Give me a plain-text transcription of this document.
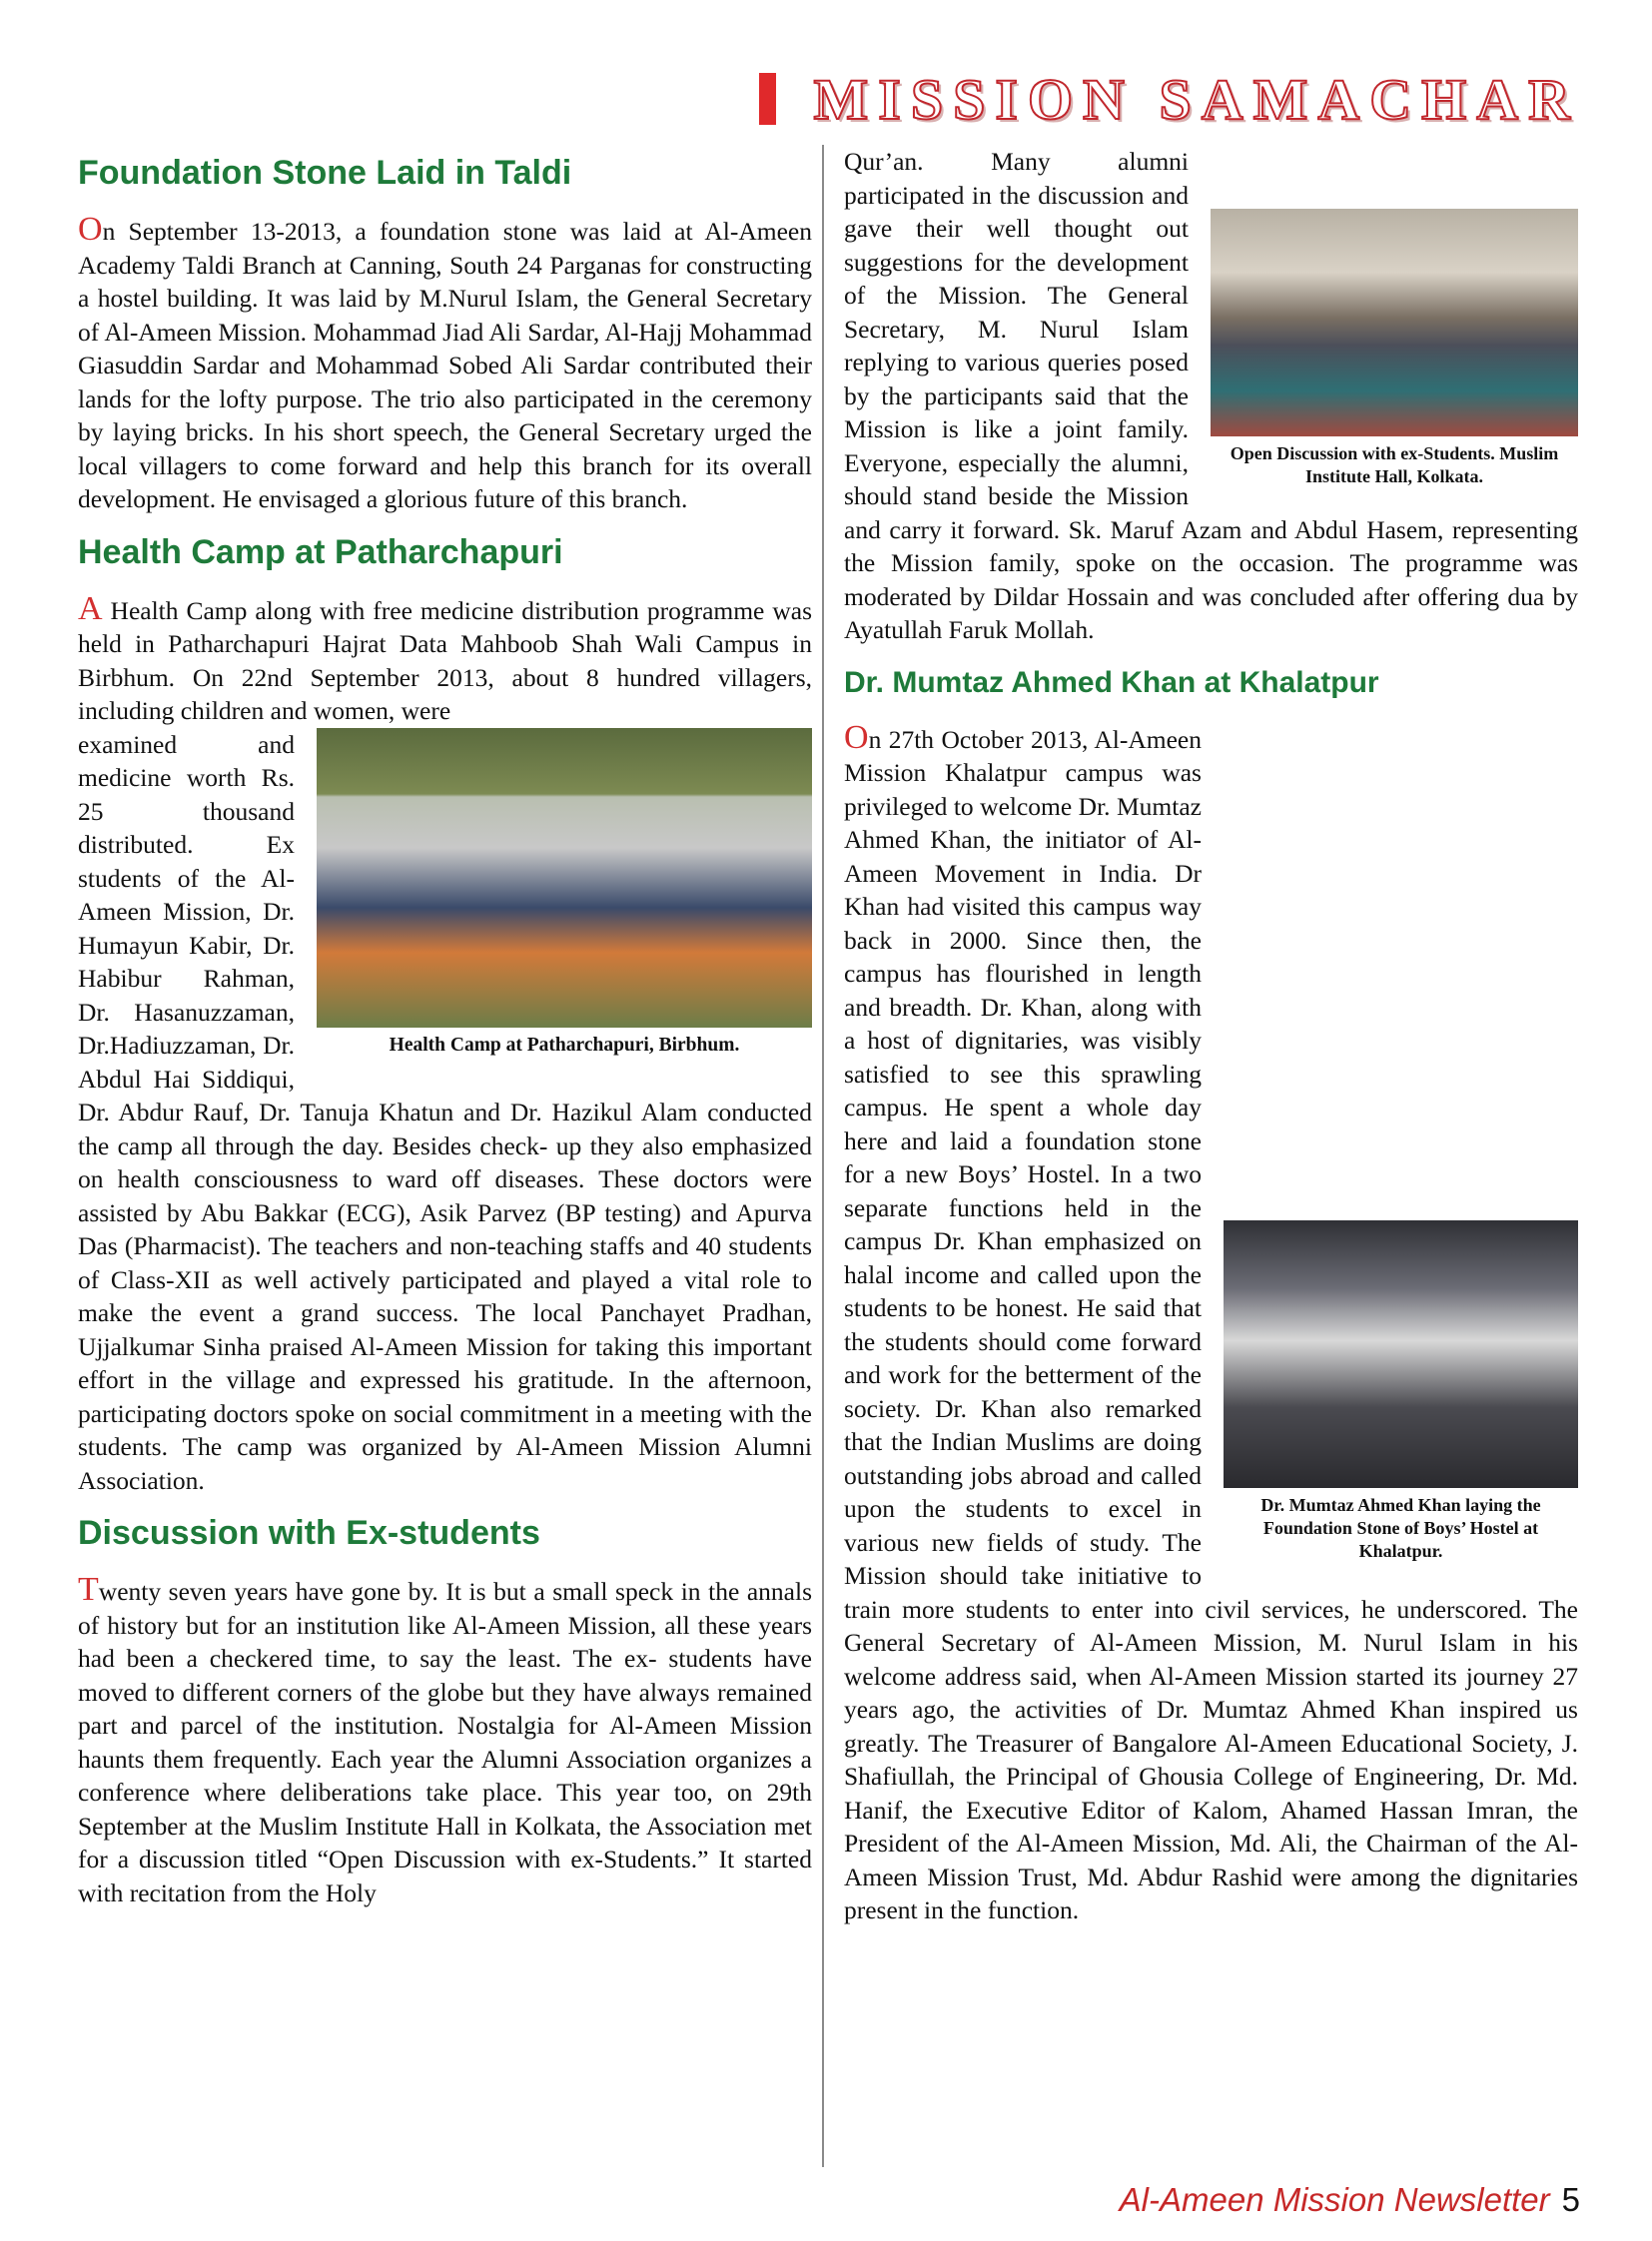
MISSION SAMACHAR
Foundation Stone Laid in Taldi

On September 13-2013, a foundation stone was laid at Al-Ameen Academy Taldi Branch at Canning, South 24 Parganas for constructing a hostel building. It was laid by M.Nurul Islam, the General Secretary of Al-Ameen Mission. Mohammad Jiad Ali Sardar, Al-Hajj Mohammad Giasuddin Sardar and Mohammad Sobed Ali Sardar contributed their lands for the lofty purpose. The trio also participated in the ceremony by laying bricks. In his short speech, the General Secretary urged the local villagers to come forward and help this branch for its overall development. He envisaged a glorious future of this branch.

Health Camp at Patharchapuri

A Health Camp along with free medicine distribution programme was held in Patharchapuri Hajrat Data Mahboob Shah Wali Campus in Birbhum. On 22nd September 2013, about 8 hundred villagers, including children and women, were

Health Camp at Patharchapuri, Birbhum.

examined and medicine worth Rs. 25 thousand distributed. Ex students of the Al-Ameen Mission, Dr. Humayun Kabir, Dr. Habibur Rahman, Dr. Hasanuzzaman, Dr.Hadiuzzaman, Dr. Abdul Hai Siddiqui, Dr. Abdur Rauf, Dr. Tanuja Khatun and Dr. Hazikul Alam conducted the camp all through the day. Besides check- up they also emphasized on health consciousness to ward off diseases. These doctors were assisted by Abu Bakkar (ECG), Asik Parvez (BP testing) and Apurva Das (Pharmacist). The teachers and non-teaching staffs and 40 students of Class-XII as well actively participated and played a vital role to make the event a grand success. The local Panchayet Pradhan, Ujjalkumar Sinha praised Al-Ameen Mission for taking this important effort in the village and expressed his gratitude. In the afternoon, participating doctors spoke on social commitment in a meeting with the students. The camp was organized by Al-Ameen Mission Alumni Association.

Discussion with Ex-students

Twenty seven years have gone by. It is but a small speck in the annals of history but for an institution like Al-Ameen Mission, all these years had been a checkered time, to say the least. The ex- students have moved to different corners of the globe but they have always remained part and parcel of the institution. Nostalgia for Al-Ameen Mission haunts them frequently. Each year the Alumni Association organizes a conference where deliberations take place. This year too, on 29th September at the Muslim Institute Hall in Kolkata, the Association met for a discussion titled “Open Discussion with ex-Students.” It started with recitation from the Holy

Open Discussion with ex-Students. Muslim Institute Hall, Kolkata.

Qur’an. Many alumni participated in the discussion and gave their well thought out suggestions for the development of the Mission. The General Secretary, M. Nurul Islam replying to various queries posed by the participants said that the Mission is like a joint family. Everyone, especially the alumni, should stand beside the Mission and carry it forward. Sk. Maruf Azam and Abdul Hasem, representing the Mission family, spoke on the occasion. The programme was moderated by Dildar Hossain and was concluded after offering dua by Ayatullah Faruk Mollah.

Dr. Mumtaz Ahmed Khan at Khalatpur
Dr. Mumtaz Ahmed Khan laying the Foundation Stone of Boys’ Hostel at Khalatpur.

On 27th October 2013, Al-Ameen Mission Khalatpur campus was privileged to welcome Dr. Mumtaz Ahmed Khan, the initiator of Al-Ameen Movement in India. Dr Khan had visited this campus way back in 2000. Since then, the campus has flourished in length and breadth. Dr. Khan, along with a host of dignitaries, was visibly satisfied to see this sprawling campus. He spent a whole day here and laid a foundation stone for a new Boys’ Hostel. In a two separate functions held in the campus Dr. Khan emphasized on halal income and called upon the students to be honest. He said that the students should come forward and work for the betterment of the society. Dr. Khan also remarked that the Indian Muslims are doing outstanding jobs abroad and called upon the students to excel in various new fields of study. The Mission should take initiative to train more students to enter into civil services, he underscored. The General Secretary of Al-Ameen Mission, M. Nurul Islam in his welcome address said, when Al-Ameen Mission started its journey 27 years ago, the activities of Dr. Mumtaz Ahmed Khan inspired us greatly. The Treasurer of Bangalore Al-Ameen Educational Society, J. Shafiullah, the Principal of Ghousia College of Engineering, Dr. Md. Hanif, the Executive Editor of Kalom, Ahamed Hassan Imran, the President of the Al-Ameen Mission, Md. Ali, the Chairman of the Al-Ameen Mission Trust, Md. Abdur Rashid were among the dignitaries present in the function.

Al-Ameen Mission Newsletter 5
